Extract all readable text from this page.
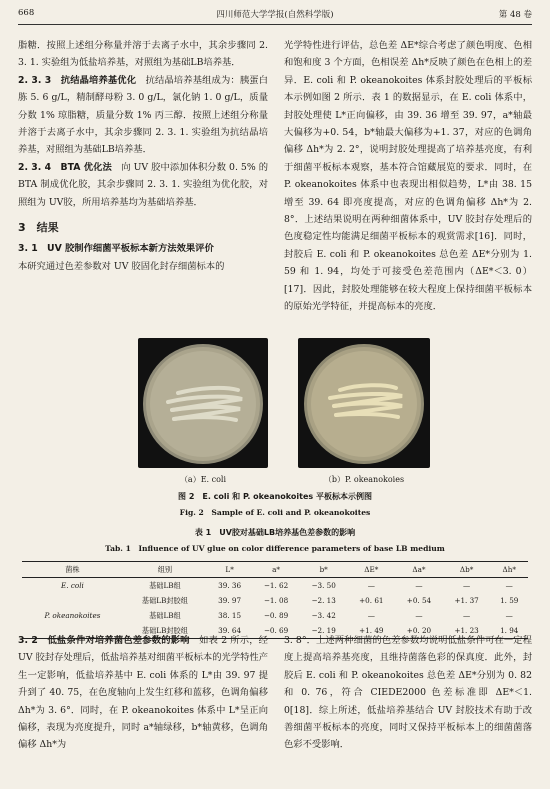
668	四川师范大学学报(自然科学版)	第 48 卷

脂糖．按照上述组分称量并溶于去离子水中，其余步骤同 2. 3. 1. 实验组为低盐培养基，对照组为基础LB培养基．

2. 3. 3　 抗结晶培养基优化　 抗结晶培养基组成为：胰蛋白胨 5. 6 g/L，精制酵母粉 3. 0 g/L，氯化钠 1. 0 g/L，质量分数 1% 琼脂糖，质量分数 1% 丙三醇．按照上述组分称量并溶于去离子水中，其余步骤同 2. 3. 1. 实验组为抗结晶培养基，对照组为基础LB培养基．

2. 3. 4　 BTA 优化法　 向 UV 胶中添加体积分数 0. 5% 的 BTA 制成优化胶，其余步骤同 2. 3. 1. 实验组为优化胶，对照组为 UV胶，所用培养基均为基础培养基．

3　 结果

3. 1　 UV 胶制作细菌平板标本新方法效果评价
本研究通过色差参数对 UV 胶固化封存细菌标本的

光学特性进行评估，总色差 ΔE*综合考虑了颜色明度、色相和饱和度 3 个方面，色相误差 Δh*反映了颜色在色相上的差异．E. coli 和 P. okeanokoites 体系封胶处理后的平板标本示例如图 2 所示．表 1 的数据显示，在 E. coli 体系中，封胶处理使 L*正向偏移，由 39. 36 增至 39. 97，a*轴最大偏移为+0. 54，b*轴最大偏移为+1. 37，对应的色调角偏移 Δh*为 2. 2°，说明封胶处理提高了培养基亮度，有利于细菌平板标本观察，基本符合馆藏展览的要求．同时，在 P. okeanokoites 体系中也表现出相似趋势，L*由 38. 15 增至 39. 64 即亮度提高，对应的色调角偏移 Δh*为 2. 8°．上述结果说明在两种细菌体系中，UV 胶封存处理后的色度稳定性均能满足细菌平板标本的观赏需求[16]．同时，封胶后 E. coli 和 P. okeanokoites 总色差 ΔE*分别为 1. 59 和 1. 94，均处于可接受色差范围内（ΔE*＜3. 0）[17]．因此，封胶处理能够在较大程度上保持细菌平板标本的原始光学特征，并提高标本的亮度．

（a）E. coli	（b）P. okeanokoies
图 2　E. coli 和 P. okeanokoites 平板标本示例图
Fig. 2　Sample of E. coli and P. okeanokoites
表 1　UV胶对基础LB培养基色差参数的影响
Tab. 1　Influence of UV glue on color difference parameters of base LB medium
菌株	组别	L*	a*	b*	ΔE*	Δa*	Δb*	Δh*
E. coli	基础LB组	39. 36	−1. 62	−3. 50	—	—	—	—
	基础LB封胶组	39. 97	−1. 08	−2. 13	+0. 61	+0. 54	+1. 37	1. 59
P. okeanokoites	基础LB组	38. 15	−0. 89	−3. 42	—	—	—	—
	基础LB封胶组	39. 64	−0. 69	−2. 19	+1. 49	+0. 20	+1. 23	1. 94

3. 2　 低盐条件对培养菌色差参数的影响　 如表 2 所示，经 UV 胶封存处理后，低盐培养基对细菌平板标本的光学特性产生一定影响，低盐培养基中 E. coli 体系的 L*由 39. 97 提升到了 40. 75，在色度轴向上发生红移和蓝移，色调角偏移 Δh*为 3. 6°．同时，在 P. okeanokoites 体系中 L*呈正向偏移，表现为亮度提升，同时 a*轴绿移，b*轴黄移，色调角偏移 Δh*为

3. 8°．上述两种细菌的色差参数均说明低盐条件可在一定程度上提高培养基亮度，且维持菌落色彩的保真度．此外，封胶后 E. coli 和 P. okeanokoites 总色差 ΔE*分别为 0. 82 和 0. 76，符合 CIEDE2000 色差标准即 ΔE*＜1. 0[18]．综上所述，低盐培养基结合 UV 封胶技术有助于改善细菌平板标本的亮度，同时又保持平板标本上的细菌菌落色彩不受影响．
